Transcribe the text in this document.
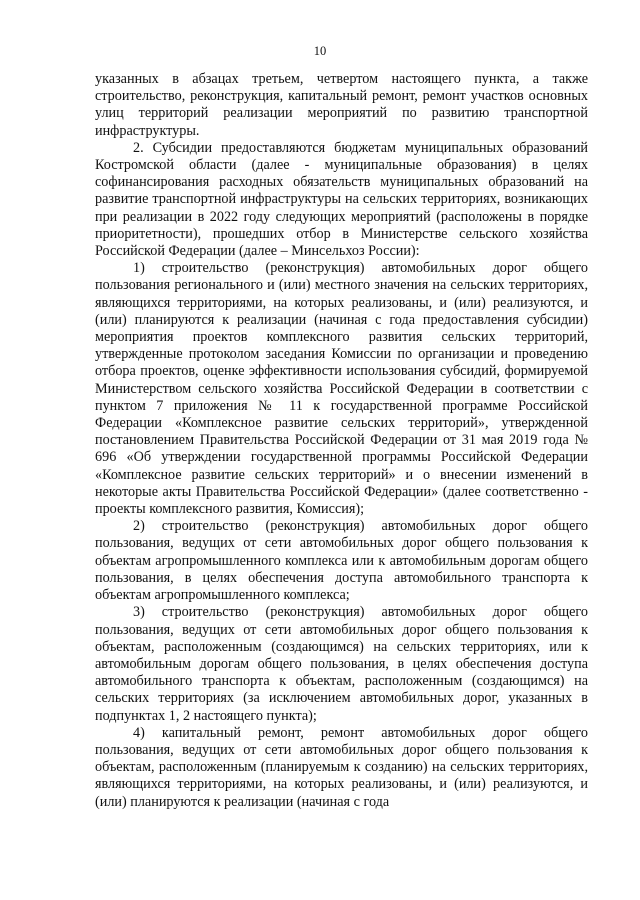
10

указанных в абзацах третьем, четвертом настоящего пункта, а также строительство, реконструкция, капитальный ремонт, ремонт участков основных улиц территорий реализации мероприятий по развитию транспортной инфраструктуры.

2. Субсидии предоставляются бюджетам муниципальных образований Костромской области (далее - муниципальные образования) в целях софинансирования расходных обязательств муниципальных образований на развитие транспортной инфраструктуры на сельских территориях, возникающих при реализации в 2022 году следующих мероприятий (расположены в порядке приоритетности), прошедших отбор в Министерстве сельского хозяйства Российской Федерации (далее – Минсельхоз России):

1) строительство (реконструкция) автомобильных дорог общего пользования регионального и (или) местного значения на сельских территориях, являющихся территориями, на которых реализованы, и (или) реализуются, и (или) планируются к реализации (начиная с года предоставления субсидии) мероприятия проектов комплексного развития сельских территорий, утвержденные протоколом заседания Комиссии по организации и проведению отбора проектов, оценке эффективности использования субсидий, формируемой Министерством сельского хозяйства Российской Федерации в соответствии с пунктом 7 приложения № 11 к государственной программе Российской Федерации «Комплексное развитие сельских территорий», утвержденной постановлением Правительства Российской Федерации от 31 мая 2019 года № 696 «Об утверждении государственной программы Российской Федерации «Комплексное развитие сельских территорий» и о внесении изменений в некоторые акты Правительства Российской Федерации» (далее соответственно - проекты комплексного развития, Комиссия);

2) строительство (реконструкция) автомобильных дорог общего пользования, ведущих от сети автомобильных дорог общего пользования к объектам агропромышленного комплекса или к автомобильным дорогам общего пользования, в целях обеспечения доступа автомобильного транспорта к объектам агропромышленного комплекса;

3) строительство (реконструкция) автомобильных дорог общего пользования, ведущих от сети автомобильных дорог общего пользования к объектам, расположенным (создающимся) на сельских территориях, или к автомобильным дорогам общего пользования, в целях обеспечения доступа автомобильного транспорта к объектам, расположенным (создающимся) на сельских территориях (за исключением автомобильных дорог, указанных в подпунктах 1, 2 настоящего пункта);

4) капитальный ремонт, ремонт автомобильных дорог общего пользования, ведущих от сети автомобильных дорог общего пользования к объектам, расположенным (планируемым к созданию) на сельских территориях, являющихся территориями, на которых реализованы, и (или) реализуются, и (или) планируются к реализации (начиная с года
